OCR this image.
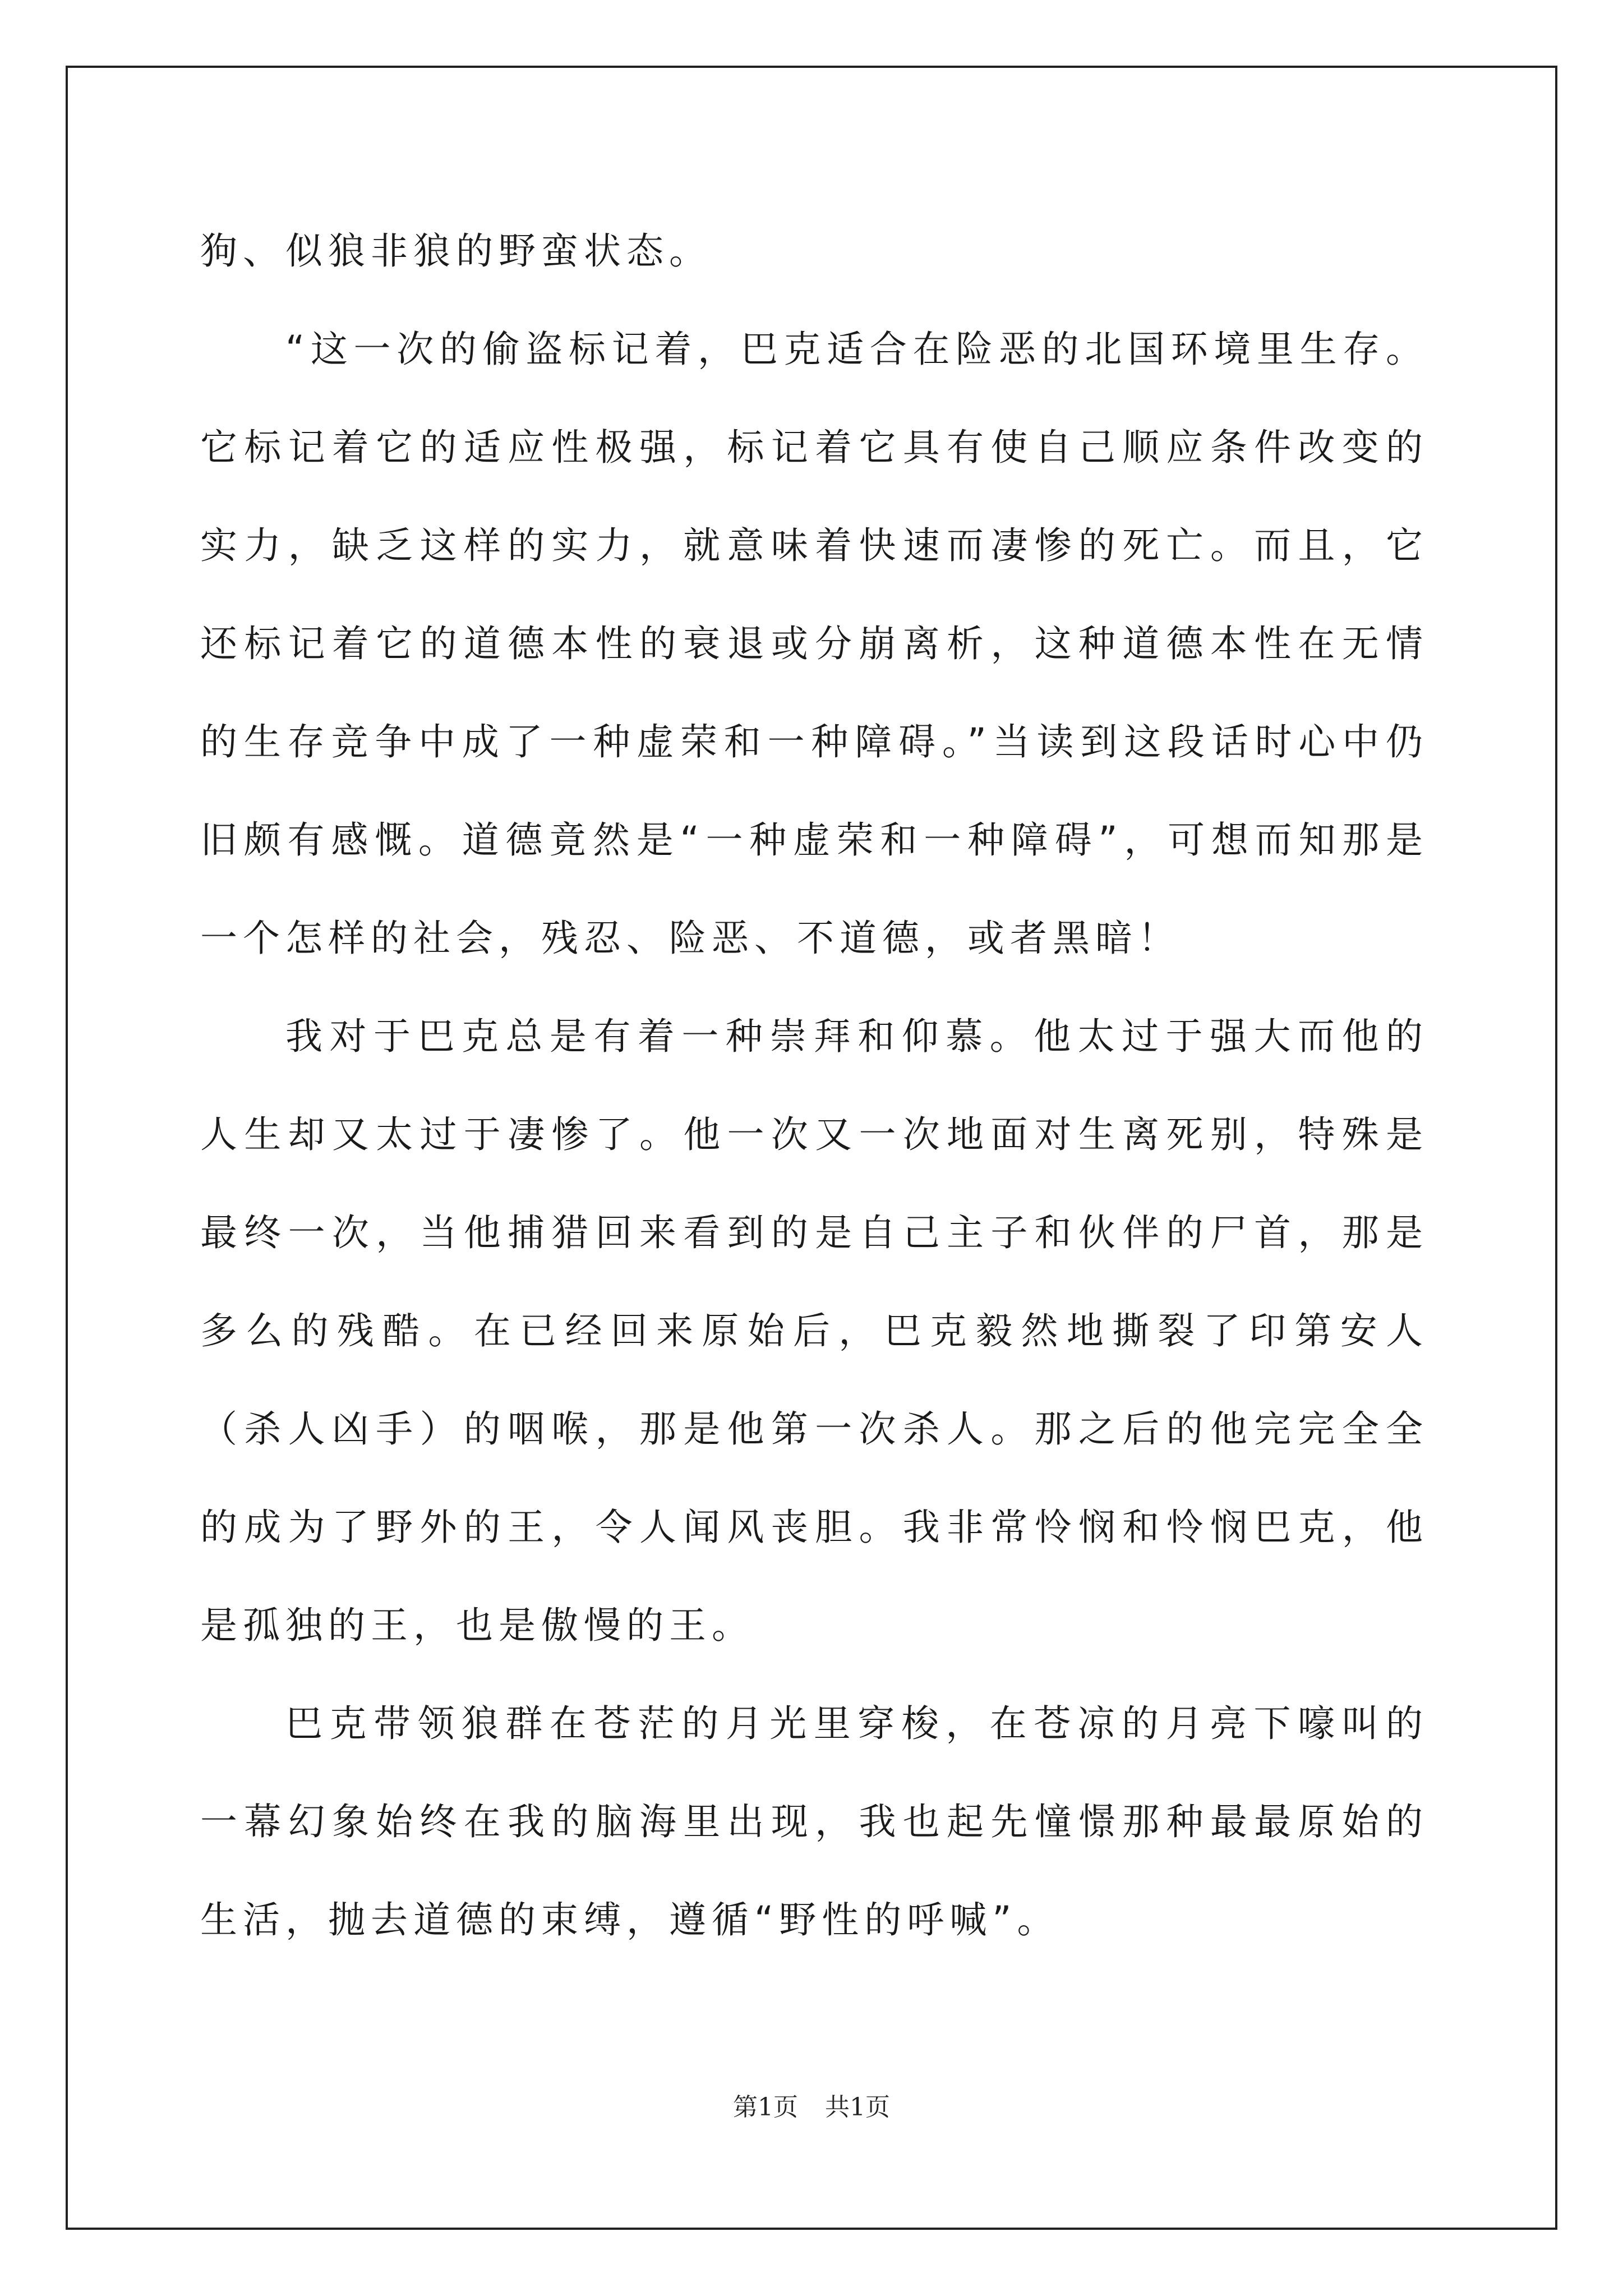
狗、似狼非狼的野蛮状态。

“这一次的偷盗标记着，巴克适合在险恶的北国环境里生存。它标记着它的适应性极强，标记着它具有使自己顺应条件改变的实力，缺乏这样的实力，就意味着快速而凄惨的死亡。而且，它还标记着它的道德本性的衰退或分崩离析，这种道德本性在无情的生存竞争中成了一种虚荣和一种障碍。”当读到这段话时心中仍旧颇有感慨。道德竟然是“一种虚荣和一种障碍”，可想而知那是一个怎样的社会，残忍、险恶、不道德，或者黑暗！

我对于巴克总是有着一种崇拜和仰慕。他太过于强大而他的人生却又太过于凄惨了。他一次又一次地面对生离死别，特殊是最终一次，当他捕猎回来看到的是自己主子和伙伴的尸首，那是多么的残酷。在已经回来原始后，巴克毅然地撕裂了印第安人（杀人凶手）的咽喉，那是他第一次杀人。那之后的他完完全全的成为了野外的王，令人闻风丧胆。我非常怜悯和怜悯巴克，他是孤独的王，也是傲慢的王。

巴克带领狼群在苍茫的月光里穿梭，在苍凉的月亮下嚎叫的一幕幻象始终在我的脑海里出现，我也起先憧憬那种最最原始的生活，抛去道德的束缚，遵循“野性的呼喊”。

第1页 共1页
